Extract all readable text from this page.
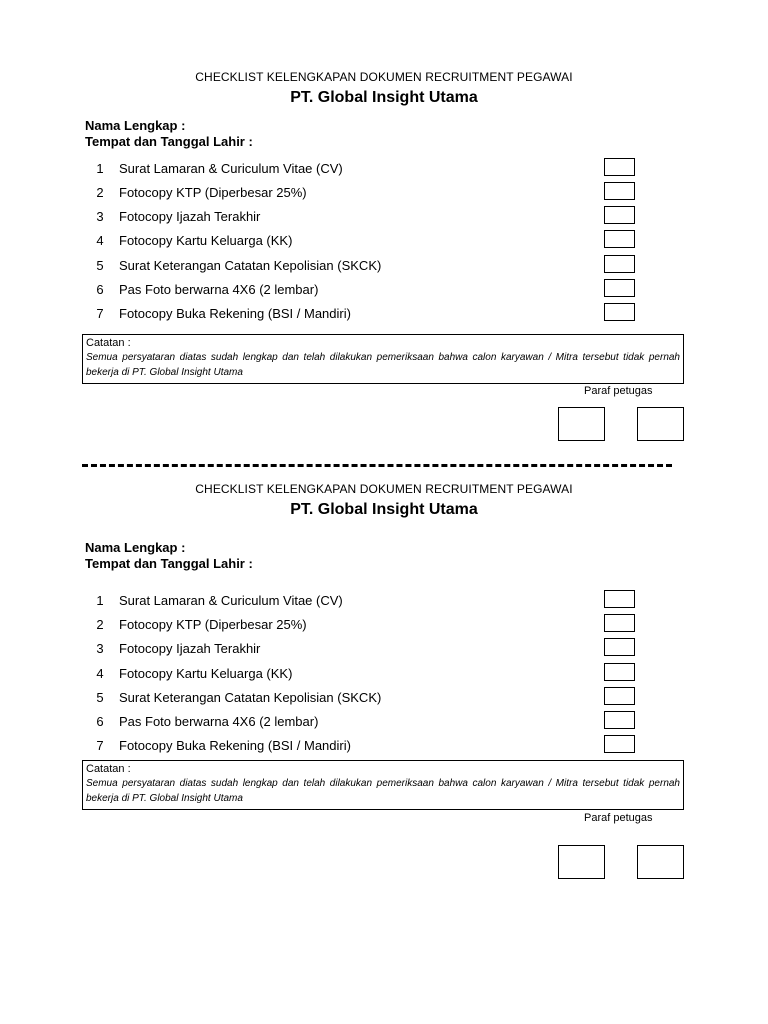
CHECKLIST KELENGKAPAN DOKUMEN RECRUITMENT PEGAWAI
PT. Global Insight Utama
Nama Lengkap :
Tempat dan Tanggal Lahir :
1	Surat Lamaran & Curiculum Vitae (CV)
2	Fotocopy KTP (Diperbesar 25%)
3	Fotocopy Ijazah Terakhir
4	Fotocopy Kartu Keluarga (KK)
5	Surat Keterangan Catatan Kepolisian (SKCK)
6	Pas Foto berwarna 4X6 (2 lembar)
7	Fotocopy Buka Rekening (BSI / Mandiri)
Catatan :
Semua persyataran diatas sudah lengkap dan telah dilakukan pemeriksaan bahwa calon karyawan / Mitra tersebut tidak pernah bekerja di PT. Global Insight Utama
Paraf petugas
CHECKLIST KELENGKAPAN DOKUMEN RECRUITMENT PEGAWAI
PT. Global Insight Utama
Nama Lengkap :
Tempat dan Tanggal Lahir :
1	Surat Lamaran & Curiculum Vitae (CV)
2	Fotocopy KTP (Diperbesar 25%)
3	Fotocopy Ijazah Terakhir
4	Fotocopy Kartu Keluarga (KK)
5	Surat Keterangan Catatan Kepolisian (SKCK)
6	Pas Foto berwarna 4X6 (2 lembar)
7	Fotocopy Buka Rekening (BSI / Mandiri)
Catatan :
Semua persyataran diatas sudah lengkap dan telah dilakukan pemeriksaan bahwa calon karyawan / Mitra tersebut tidak pernah bekerja di PT. Global Insight Utama
Paraf petugas
